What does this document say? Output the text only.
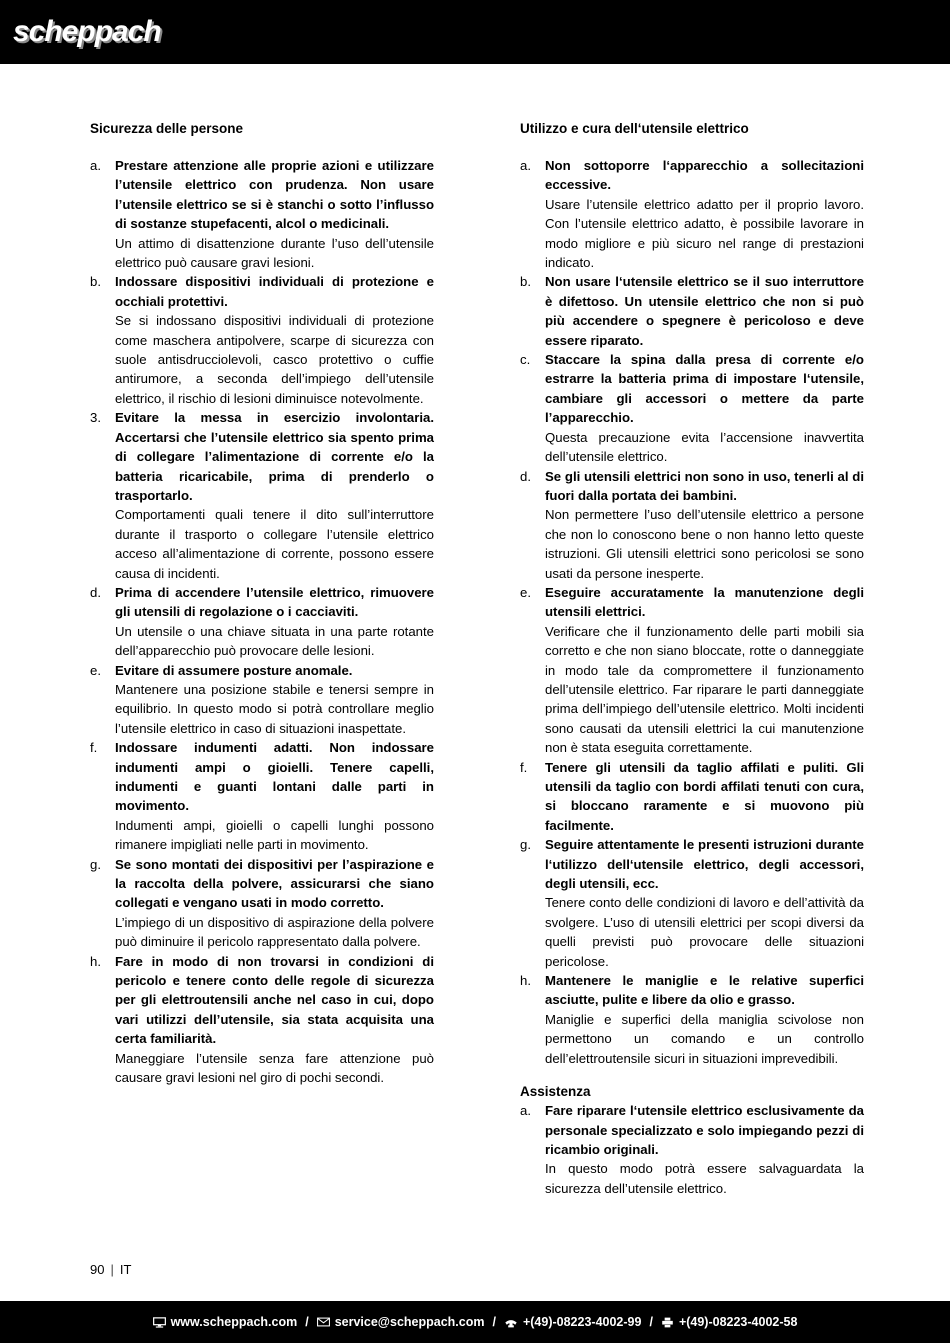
scheppach
Sicurezza delle persone
a.	Prestare attenzione alle proprie azioni e utilizzare l’utensile elettrico con prudenza. Non usare l’utensile elettrico se si è stanchi o sotto l’influsso di sostanze stupefacenti, alcol o medicinali.
Un attimo di disattenzione durante l’uso dell’utensile elettrico può causare gravi lesioni.
b.	Indossare dispositivi individuali di protezione e occhiali protettivi.
Se si indossano dispositivi individuali di protezione come maschera antipolvere, scarpe di sicurezza con suole antisdrucciolevoli, casco protettivo o cuffie antirumore, a seconda dell’impiego dell’utensile elettrico, il rischio di lesioni diminuisce notevolmente.
3.	Evitare la messa in esercizio involontaria. Accertarsi che l’utensile elettrico sia spento prima di collegare l’alimentazione di corrente e/o la batteria ricaricabile, prima di prenderlo o trasportarlo.
Comportamenti quali tenere il dito sull’interruttore durante il trasporto o collegare l’utensile elettrico acceso all’alimentazione di corrente, possono essere causa di incidenti.
d.	Prima di accendere l’utensile elettrico, rimuovere gli utensili di regolazione o i cacciaviti.
Un utensile o una chiave situata in una parte rotante dell’apparecchio può provocare delle lesioni.
e.	Evitare di assumere posture anomale.
Mantenere una posizione stabile e tenersi sempre in equilibrio. In questo modo si potrà controllare meglio l’utensile elettrico in caso di situazioni inaspettate.
f.	Indossare indumenti adatti. Non indossare indumenti ampi o gioielli. Tenere capelli, indumenti e guanti lontani dalle parti in movimento.
Indumenti ampi, gioielli o capelli lunghi possono rimanere impigliati nelle parti in movimento.
g.	Se sono montati dei dispositivi per l’aspirazione e la raccolta della polvere, assicurarsi che siano collegati e vengano usati in modo corretto.
L’impiego di un dispositivo di aspirazione della polvere può diminuire il pericolo rappresentato dalla polvere.
h.	Fare in modo di non trovarsi in condizioni di pericolo e tenere conto delle regole di sicurezza per gli elettroutensili anche nel caso in cui, dopo vari utilizzi dell’utensile, sia stata acquisita una certa familiarità.
Maneggiare l’utensile senza fare attenzione può causare gravi lesioni nel giro di pochi secondi.
Utilizzo e cura dell‘utensile elettrico
a.	Non sottoporre l‘apparecchio a sollecitazioni eccessive.
Usare l’utensile elettrico adatto per il proprio lavoro. Con l’utensile elettrico adatto, è possibile lavorare in modo migliore e più sicuro nel range di prestazioni indicato.
b.	Non usare l‘utensile elettrico se il suo interruttore è difettoso. Un utensile elettrico che non si può più accendere o spegnere è pericoloso e deve essere riparato.
c.	Staccare la spina dalla presa di corrente e/o estrarre la batteria prima di impostare l‘utensile, cambiare gli accessori o mettere da parte l’apparecchio.
Questa precauzione evita l’accensione inavvertita dell’utensile elettrico.
d.	Se gli utensili elettrici non sono in uso, tenerli al di fuori dalla portata dei bambini.
Non permettere l’uso dell’utensile elettrico a persone che non lo conoscono bene o non hanno letto queste istruzioni. Gli utensili elettrici sono pericolosi se sono usati da persone inesperte.
e.	Eseguire accuratamente la manutenzione degli utensili elettrici.
Verificare che il funzionamento delle parti mobili sia corretto e che non siano bloccate, rotte o danneggiate in modo tale da compromettere il funzionamento dell’utensile elettrico. Far riparare le parti danneggiate prima dell’impiego dell’utensile elettrico. Molti incidenti sono causati da utensili elettrici la cui manutenzione non è stata eseguita correttamente.
f.	Tenere gli utensili da taglio affilati e puliti. Gli utensili da taglio con bordi affilati tenuti con cura, si bloccano raramente e si muovono più facilmente.
g.	Seguire attentamente le presenti istruzioni durante l‘utilizzo dell‘utensile elettrico, degli accessori, degli utensili, ecc.
Tenere conto delle condizioni di lavoro e dell’attività da svolgere. L’uso di utensili elettrici per scopi diversi da quelli previsti può provocare delle situazioni pericolose.
h.	Mantenere le maniglie e le relative superfici asciutte, pulite e libere da olio e grasso.
Maniglie e superfici della maniglia scivolose non permettono un comando e un controllo dell’elettroutensile sicuri in situazioni imprevedibili.
Assistenza
a.	Fare riparare l‘utensile elettrico esclusivamente da personale specializzato e solo impiegando pezzi di ricambio originali.
In questo modo potrà essere salvaguardata la sicurezza dell’utensile elettrico.
90 | IT
www.scheppach.com / service@scheppach.com / +(49)-08223-4002-99 / +(49)-08223-4002-58
